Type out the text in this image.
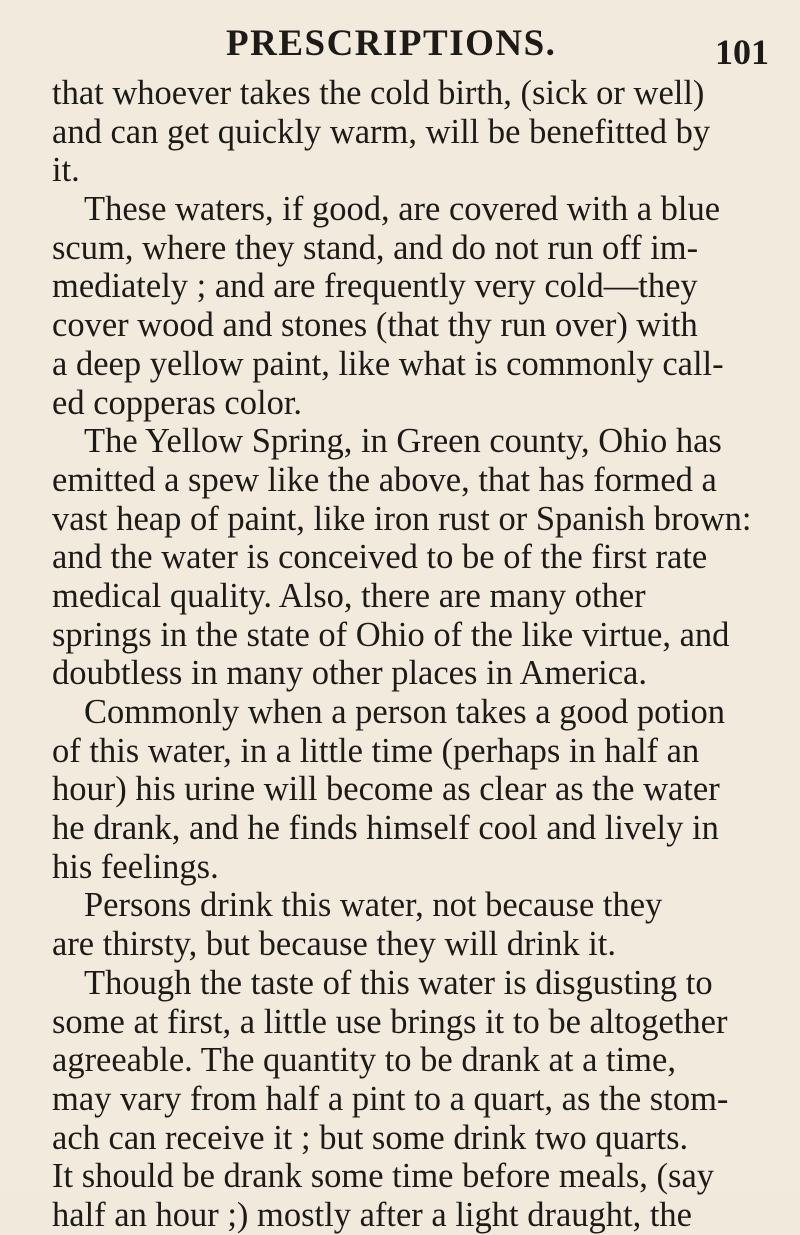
PRESCRIPTIONS.	101
that whoever takes the cold birth, (sick or well)
and can get quickly warm, will be benefitted by
it.
These waters, if good, are covered with a blue
scum, where they stand, and do not run off im-
mediately ; and are frequently very cold—they
cover wood and stones (that thy run over) with
a deep yellow paint, like what is commonly call-
ed copperas color.
The Yellow Spring, in Green county, Ohio has
emitted a spew like the above, that has formed a
vast heap of paint, like iron rust or Spanish brown:
and the water is conceived to be of the first rate
medical quality. Also, there are many other
springs in the state of Ohio of the like virtue, and
doubtless in many other places in America.
Commonly when a person takes a good potion
of this water, in a little time (perhaps in half an
hour) his urine will become as clear as the water
he drank, and he finds himself cool and lively in
his feelings.
Persons drink this water, not because they
are thirsty, but because they will drink it.
Though the taste of this water is disgusting to
some at first, a little use brings it to be altogether
agreeable. The quantity to be drank at a time,
may vary from half a pint to a quart, as the stom-
ach can receive it ; but some drink two quarts.
It should be drank some time before meals, (say
half an hour ;) mostly after a light draught, the
